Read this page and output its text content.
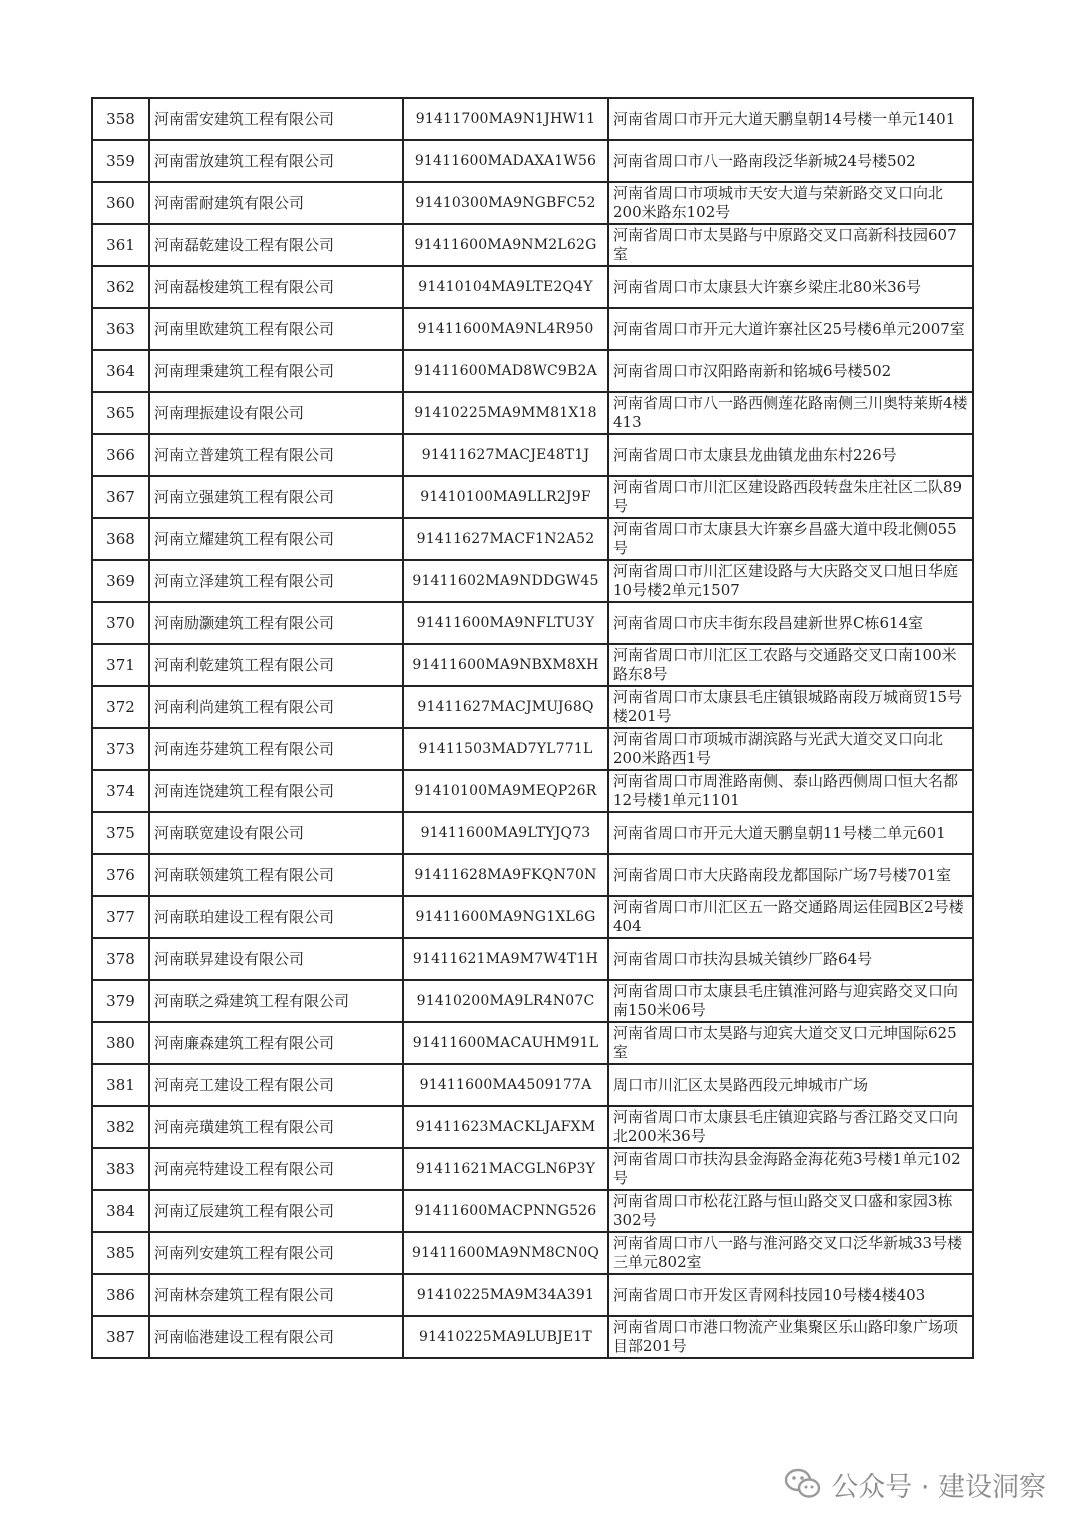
358	河南雷安建筑工程有限公司	91411700MA9N1JHW11	河南省周口市开元大道天鹏皇朝14号楼一单元1401
359	河南雷放建筑工程有限公司	91411600MADAXA1W56	河南省周口市八一路南段泛华新城24号楼502
360	河南雷耐建筑有限公司	91410300MA9NGBFC52	河南省周口市项城市天安大道与荣新路交叉口向北200米路东102号
361	河南磊乾建设工程有限公司	91411600MA9NM2L62G	河南省周口市太昊路与中原路交叉口高新科技园607室
362	河南磊梭建筑工程有限公司	91410104MA9LTE2Q4Y	河南省周口市太康县大许寨乡梁庄北80米36号
363	河南里欧建筑工程有限公司	91411600MA9NL4R950	河南省周口市开元大道许寨社区25号楼6单元2007室
364	河南理秉建筑工程有限公司	91411600MAD8WC9B2A	河南省周口市汉阳路南新和铭城6号楼502
365	河南理振建设有限公司	91410225MA9MM81X18	河南省周口市八一路西侧莲花路南侧三川奥特莱斯4楼413
366	河南立普建筑工程有限公司	91411627MACJE48T1J	河南省周口市太康县龙曲镇龙曲东村226号
367	河南立强建筑工程有限公司	91410100MA9LLR2J9F	河南省周口市川汇区建设路西段转盘朱庄社区二队89号
368	河南立耀建筑工程有限公司	91411627MACF1N2A52	河南省周口市太康县大许寨乡昌盛大道中段北侧055号
369	河南立泽建筑工程有限公司	91411602MA9NDDGW45	河南省周口市川汇区建设路与大庆路交叉口旭日华庭10号楼2单元1507
370	河南励灏建筑工程有限公司	91411600MA9NFLTU3Y	河南省周口市庆丰街东段昌建新世界C栋614室
371	河南利乾建筑工程有限公司	91411600MA9NBXM8XH	河南省周口市川汇区工农路与交通路交叉口南100米路东8号
372	河南利尚建筑工程有限公司	91411627MACJMUJ68Q	河南省周口市太康县毛庄镇银城路南段万城商贸15号楼201号
373	河南连芬建筑工程有限公司	91411503MAD7YL771L	河南省周口市项城市湖滨路与光武大道交叉口向北200米路西1号
374	河南连饶建筑工程有限公司	91410100MA9MEQP26R	河南省周口市周淮路南侧、泰山路西侧周口恒大名都12号楼1单元1101
375	河南联宽建设有限公司	91411600MA9LTYJQ73	河南省周口市开元大道天鹏皇朝11号楼二单元601
376	河南联领建筑工程有限公司	91411628MA9FKQN70N	河南省周口市大庆路南段龙都国际广场7号楼701室
377	河南联珀建设工程有限公司	91411600MA9NG1XL6G	河南省周口市川汇区五一路交通路周运佳园B区2号楼404
378	河南联昇建设有限公司	91411621MA9M7W4T1H	河南省周口市扶沟县城关镇纱厂路64号
379	河南联之舜建筑工程有限公司	91410200MA9LR4N07C	河南省周口市太康县毛庄镇淮河路与迎宾路交叉口向南150米06号
380	河南廉森建筑工程有限公司	91411600MACAUHM91L	河南省周口市太昊路与迎宾大道交叉口元坤国际625室
381	河南亮工建设工程有限公司	91411600MA4509177A	周口市川汇区太昊路西段元坤城市广场
382	河南亮璜建筑工程有限公司	91411623MACKLJAFXM	河南省周口市太康县毛庄镇迎宾路与香江路交叉口向北200米36号
383	河南亮特建设工程有限公司	91411621MACGLN6P3Y	河南省周口市扶沟县金海路金海花苑3号楼1单元102号
384	河南辽辰建筑工程有限公司	91411600MACPNNG526	河南省周口市松花江路与恒山路交叉口盛和家园3栋302号
385	河南列安建筑工程有限公司	91411600MA9NM8CN0Q	河南省周口市八一路与淮河路交叉口泛华新城33号楼三单元802室
386	河南林奈建筑工程有限公司	91410225MA9M34A391	河南省周口市开发区青网科技园10号楼4楼403
387	河南临港建设工程有限公司	91410225MA9LUBJE1T	河南省周口市港口物流产业集聚区乐山路印象广场项目部201号
公众号 · 建设洞察
